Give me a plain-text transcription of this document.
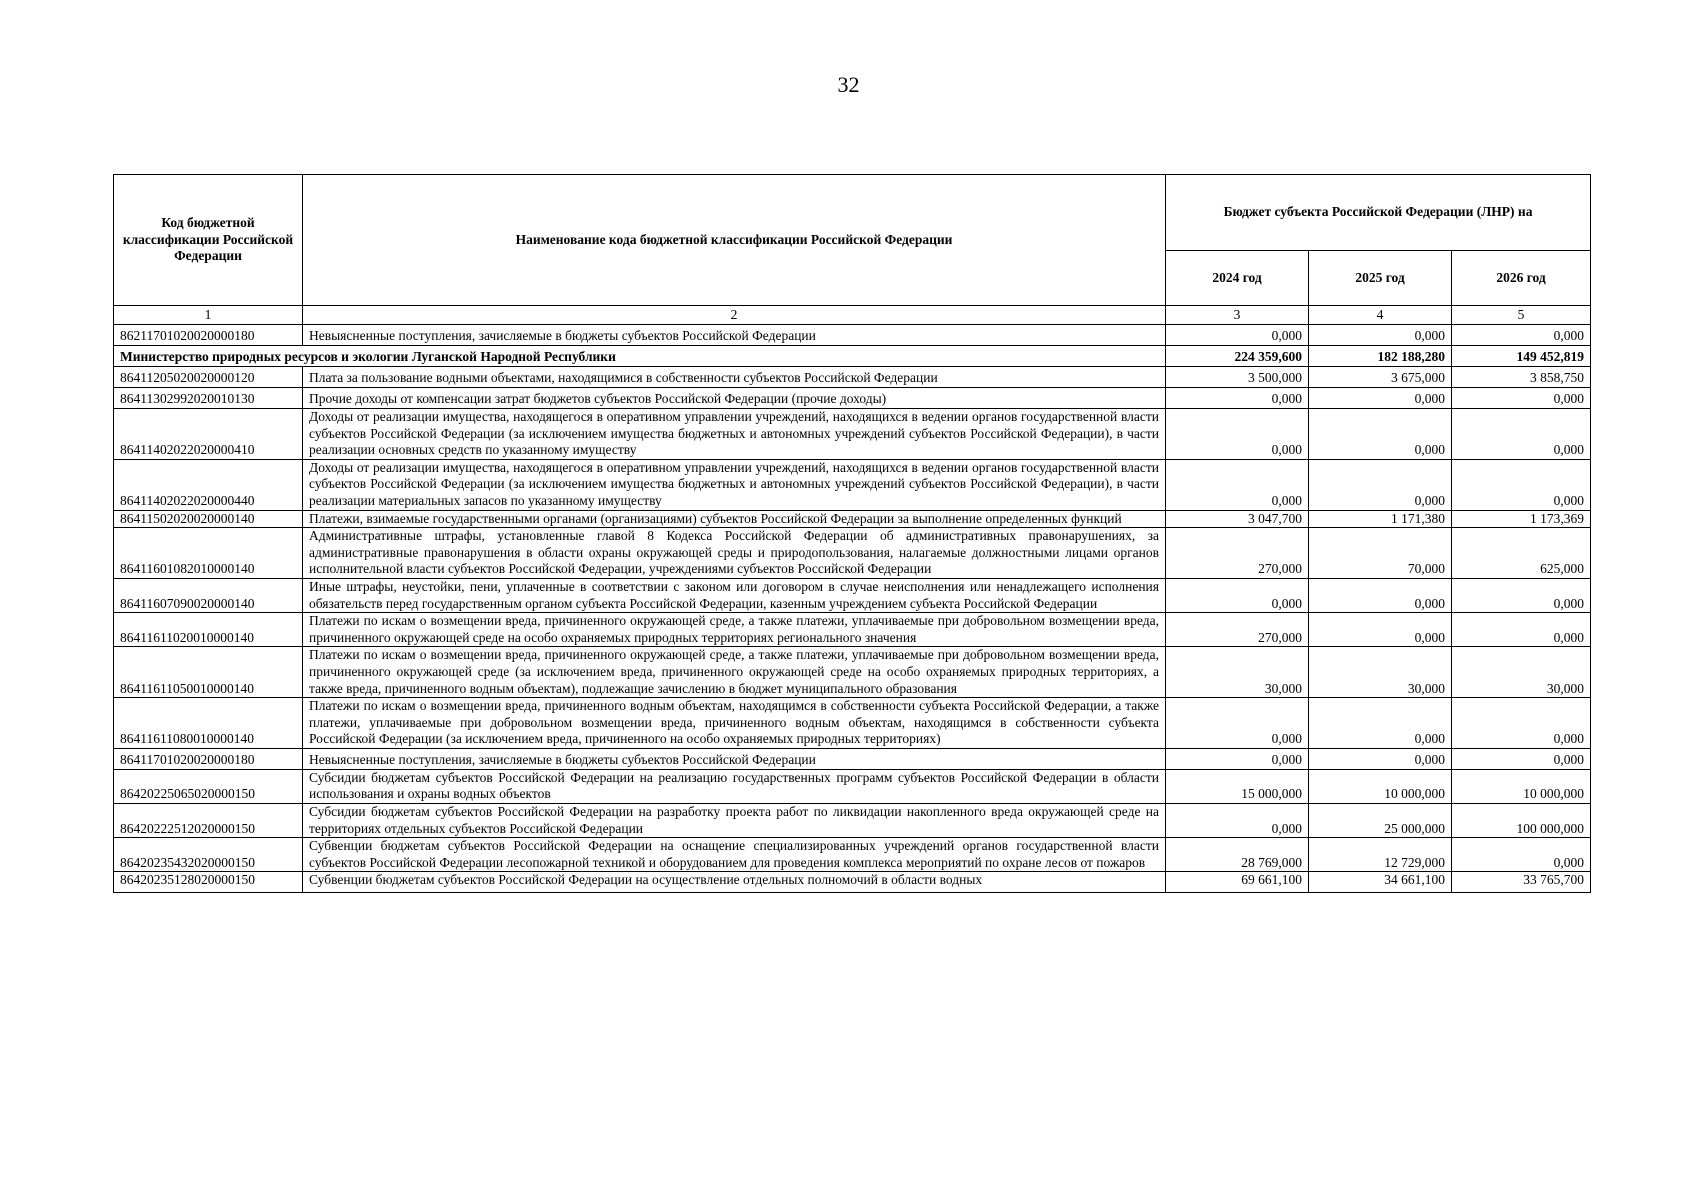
32
Код бюджетной классификации Российской Федерации	Наименование кода бюджетной классификации Российской Федерации	Бюджет субъекта Российской Федерации (ЛНР) на		
		2024 год	2025 год	2026 год
1	2	3	4	5
86211701020020000180	Невыясненные поступления, зачисляемые в бюджеты субъектов Российской Федерации	0,000	0,000	0,000
Министерство природных ресурсов и экологии Луганской Народной Республики		224 359,600	182 188,280	149 452,819
86411205020020000120	Плата за пользование водными объектами, находящимися в собственности субъектов Российской Федерации	3 500,000	3 675,000	3 858,750
86411302992020010130	Прочие доходы от компенсации затрат бюджетов субъектов Российской Федерации (прочие доходы)	0,000	0,000	0,000
86411402022020000410	Доходы от реализации имущества, находящегося в оперативном управлении учреждений, находящихся в ведении органов государственной власти субъектов Российской Федерации (за исключением имущества бюджетных и автономных учреждений субъектов Российской Федерации), в части реализации основных средств по указанному имуществу	0,000	0,000	0,000
86411402022020000440	Доходы от реализации имущества, находящегося в оперативном управлении учреждений, находящихся в ведении органов государственной власти субъектов Российской Федерации (за исключением имущества бюджетных и автономных учреждений субъектов Российской Федерации), в части реализации материальных запасов по указанному имуществу	0,000	0,000	0,000
86411502020020000140	Платежи, взимаемые государственными органами (организациями) субъектов Российской Федерации за выполнение определенных функций	3 047,700	1 171,380	1 173,369
86411601082010000140	Административные штрафы, установленные главой 8 Кодекса Российской Федерации об административных правонарушениях, за административные правонарушения в области охраны окружающей среды и природопользования, налагаемые должностными лицами органов исполнительной власти субъектов Российской Федерации, учреждениями субъектов Российской Федерации	270,000	70,000	625,000
86411607090020000140	Иные штрафы, неустойки, пени, уплаченные в соответствии с законом или договором в случае неисполнения или ненадлежащего исполнения обязательств перед государственным органом субъекта Российской Федерации, казенным учреждением субъекта Российской Федерации	0,000	0,000	0,000
86411611020010000140	Платежи по искам о возмещении вреда, причиненного окружающей среде, а также платежи, уплачиваемые при добровольном возмещении вреда, причиненного окружающей среде на особо охраняемых природных территориях регионального значения	270,000	0,000	0,000
86411611050010000140	Платежи по искам о возмещении вреда, причиненного окружающей среде, а также платежи, уплачиваемые при добровольном возмещении вреда, причиненного окружающей среде (за исключением вреда, причиненного окружающей среде на особо охраняемых природных территориях, а также вреда, причиненного водным объектам), подлежащие зачислению в бюджет муниципального образования	30,000	30,000	30,000
86411611080010000140	Платежи по искам о возмещении вреда, причиненного водным объектам, находящимся в собственности субъекта Российской Федерации, а также платежи, уплачиваемые при добровольном возмещении вреда, причиненного водным объектам, находящимся в собственности субъекта Российской Федерации (за исключением вреда, причиненного на особо охраняемых природных территориях)	0,000	0,000	0,000
86411701020020000180	Невыясненные поступления, зачисляемые в бюджеты субъектов Российской Федерации	0,000	0,000	0,000
86420225065020000150	Субсидии бюджетам субъектов Российской Федерации на реализацию государственных программ субъектов Российской Федерации в области использования и охраны водных объектов	15 000,000	10 000,000	10 000,000
86420222512020000150	Субсидии бюджетам субъектов Российской Федерации на разработку проекта работ по ликвидации накопленного вреда окружающей среде на территориях отдельных субъектов Российской Федерации	0,000	25 000,000	100 000,000
86420235432020000150	Субвенции бюджетам субъектов Российской Федерации на оснащение специализированных учреждений органов государственной власти субъектов Российской Федерации лесопожарной техникой и оборудованием для проведения комплекса мероприятий по охране лесов от пожаров	28 769,000	12 729,000	0,000
86420235128020000150	Субвенции бюджетам субъектов Российской Федерации на осуществление отдельных полномочий в области водных	69 661,100	34 661,100	33 765,700
